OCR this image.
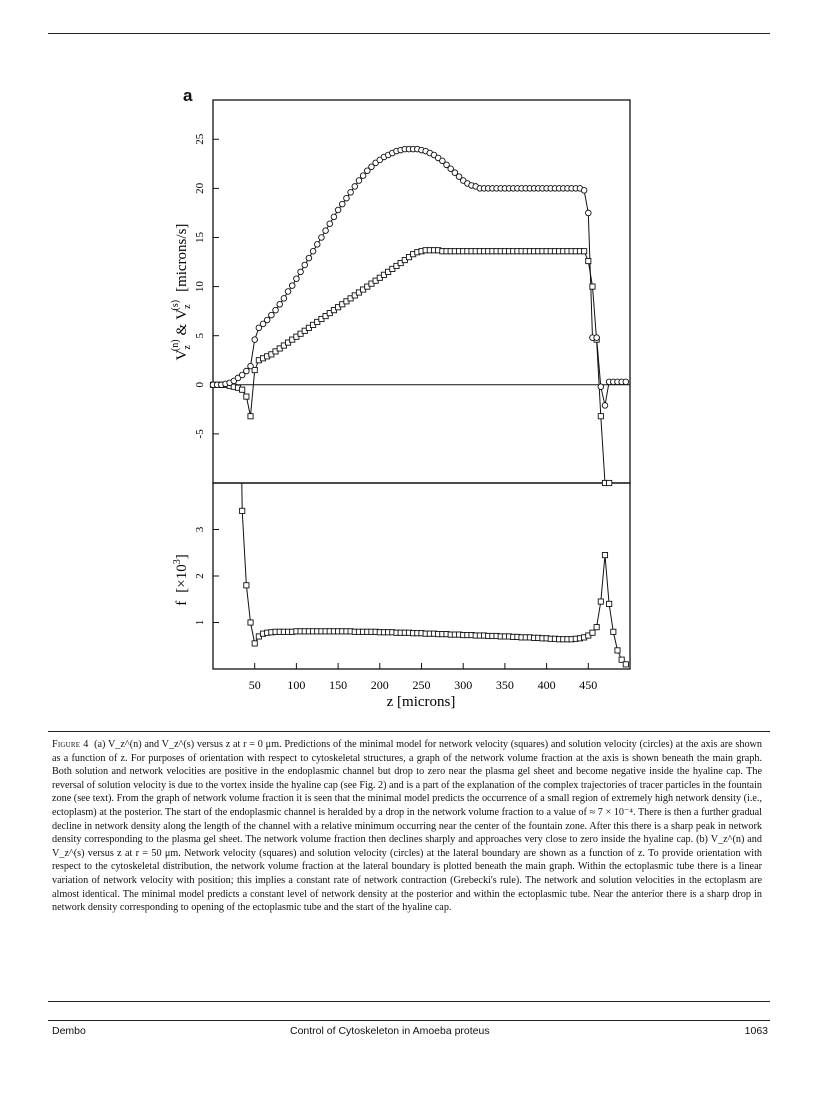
a
-5
0
5
10
15
20
25
1
2
3
50 100 150 200 250 300 350 400 450
$V_z(n)\&V_z(s)[microns/s]$
$f[\times 10^3]$
z [microns]

Figure 4 (a) V_z^(n) and V_z^(s) versus z at r = 0 μm. Predictions of the minimal model for network velocity (squares) and solution velocity (circles) at the axis are shown as a function of z. For purposes of orientation with respect to cytoskeletal structures, a graph of the network volume fraction at the axis is shown beneath the main graph. Both solution and network velocities are positive in the endoplasmic channel but drop to zero near the plasma gel sheet and become negative inside the hyaline cap. The reversal of solution velocity is due to the vortex inside the hyaline cap (see Fig. 2) and is a part of the explanation of the complex trajectories of tracer particles in the fountain zone (see text). From the graph of network volume fraction it is seen that the minimal model predicts the occurrence of a small region of extremely high network density (i.e., ectoplasm) at the posterior. The start of the endoplasmic channel is heralded by a drop in the network volume fraction to a value of ≈ 7 × 10⁻⁴. There is then a further gradual decline in network density along the length of the channel with a relative minimum occurring near the center of the fountain zone. After this there is a sharp peak in network density corresponding to the plasma gel sheet. The network volume fraction then declines sharply and approaches very close to zero inside the hyaline cap. (b) V_z^(n) and V_z^(s) versus z at r = 50 μm. Network velocity (squares) and solution velocity (circles) at the lateral boundary are shown as a function of z. To provide orientation with respect to the cytoskeletal distribution, the network volume fraction at the lateral boundary is plotted beneath the main graph. Within the ectoplasmic tube there is a linear variation of network velocity with position; this implies a constant rate of network contraction (Grebecki's rule). The network and solution velocities in the ectoplasm are almost identical. The minimal model predicts a constant level of network density at the posterior and within the ectoplasmic tube. Near the anterior there is a sharp drop in network density corresponding to opening of the ectoplasmic tube and the start of the hyaline cap.

Dembo	Control of Cytoskeleton in Amoeba proteus	1063
